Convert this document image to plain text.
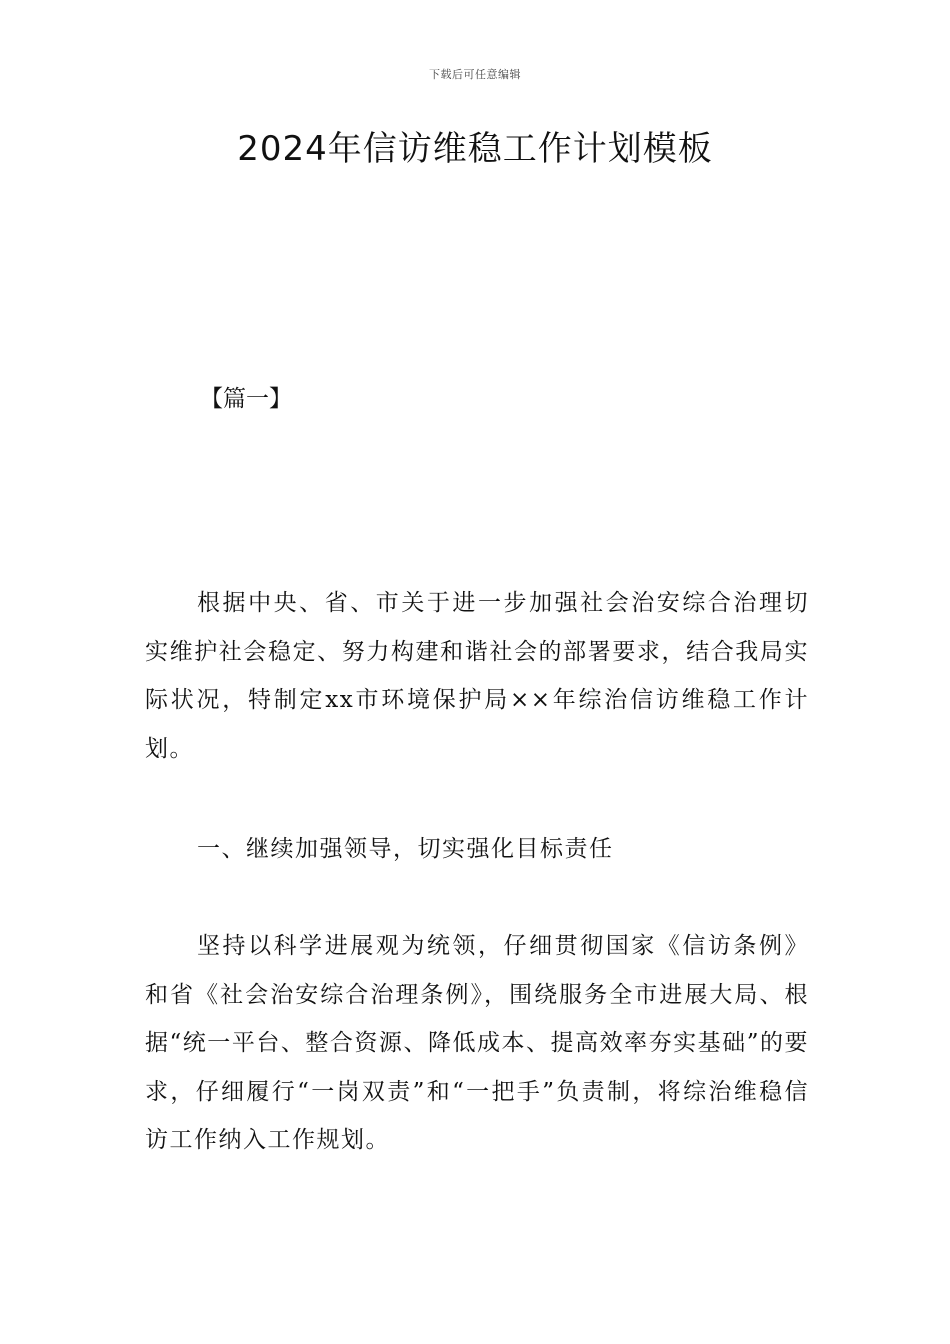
下载后可任意编辑
2024年信访维稳工作计划模板
【篇一】

根据中央、省、市关于进一步加强社会治安综合治理切实维护社会稳定、努力构建和谐社会的部署要求，结合我局实际状况，特制定xx市环境保护局××年综治信访维稳工作计划。

一、继续加强领导，切实强化目标责任

坚持以科学进展观为统领，仔细贯彻国家《信访条例》和省《社会治安综合治理条例》，围绕服务全市进展大局、根据“统一平台、整合资源、降低成本、提高效率夯实基础”的要求，仔细履行“一岗双责”和“一把手”负责制，将综治维稳信访工作纳入工作规划。
